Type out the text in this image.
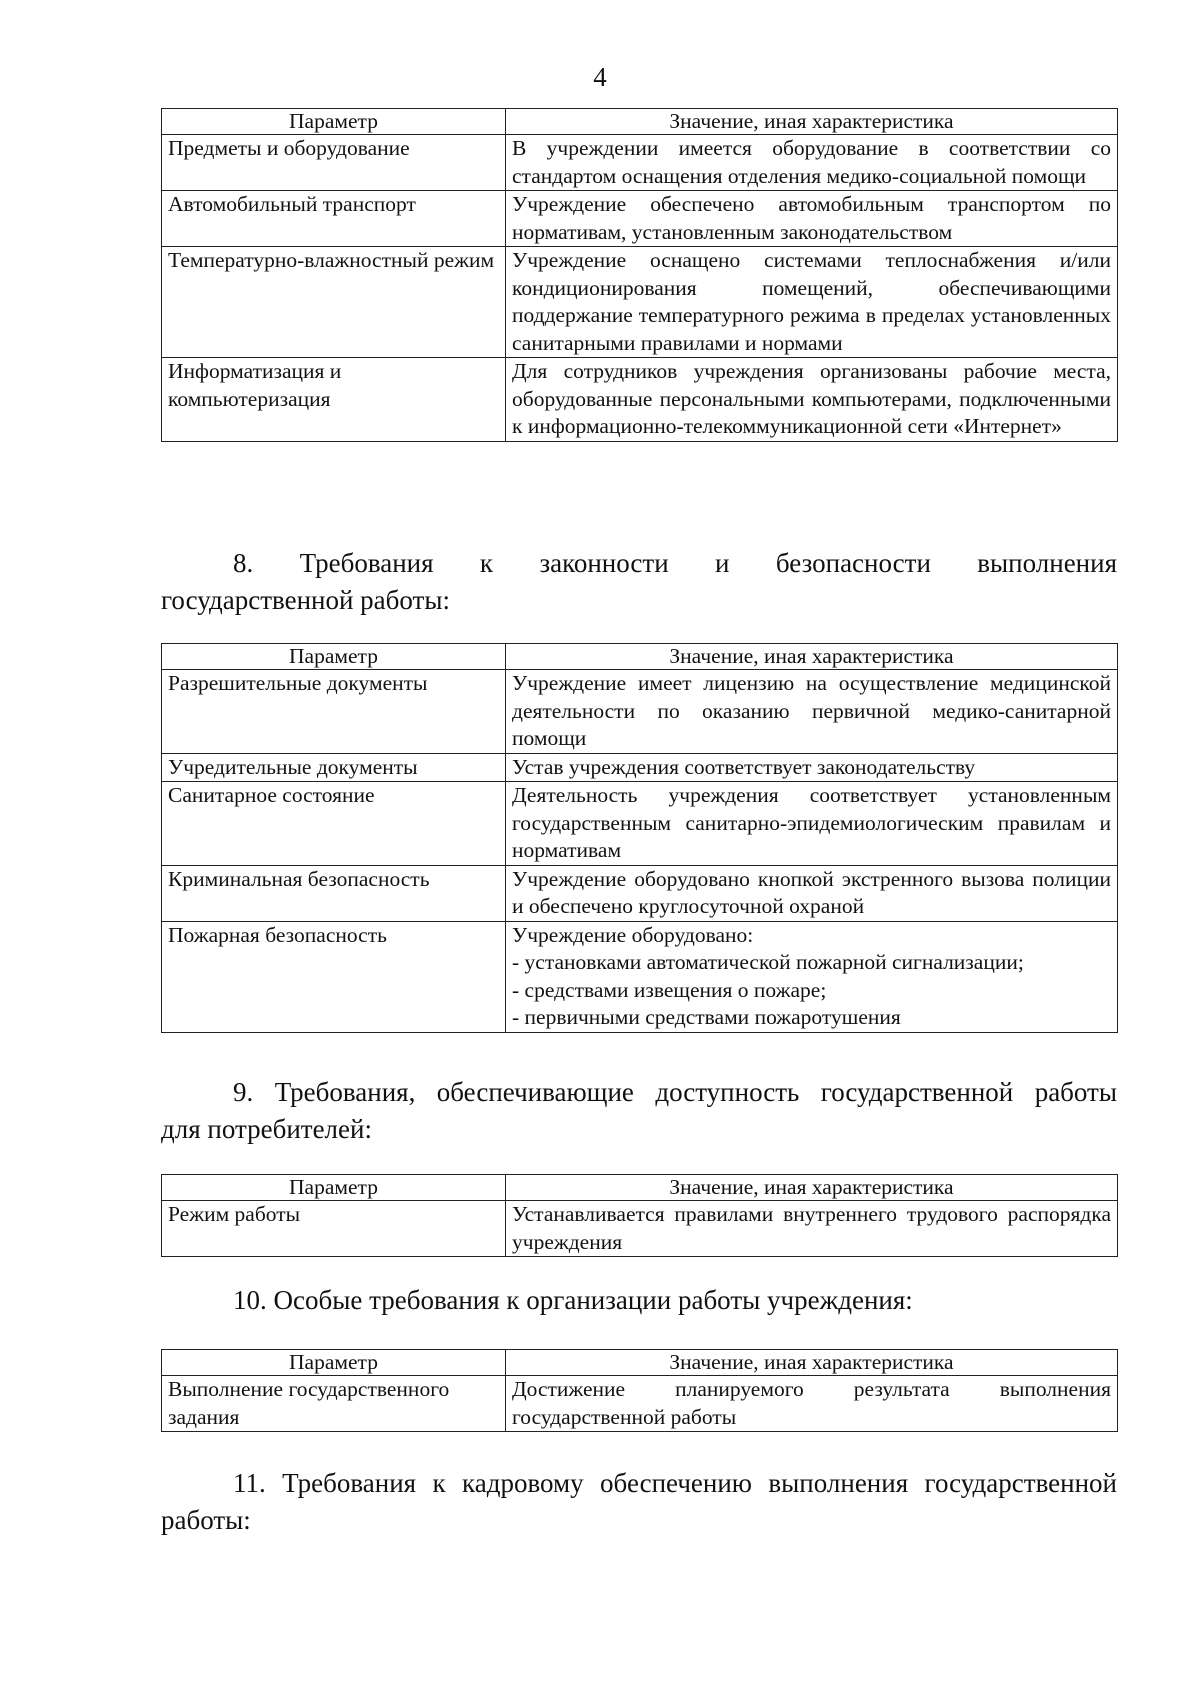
4
Параметр	Значение, иная характеристика
Предметы и оборудование	В учреждении имеется оборудование в соответствии со стандартом оснащения отделения медико-социальной помощи
Автомобильный транспорт	Учреждение обеспечено автомобильным транспортом по нормативам, установленным законодательством
Температурно-влажностный режим	Учреждение оснащено системами теплоснабжения и/или кондиционирования помещений, обеспечивающими поддержание температурного режима в пределах установленных санитарными правилами и нормами
Информатизация и компьютеризация	Для сотрудников учреждения организованы рабочие места, оборудованные персональными компьютерами, подключенными к информационно-телекоммуникационной сети «Интернет»
8. Требования к законности и безопасности выполнения
государственной работы:
Параметр	Значение, иная характеристика
Разрешительные документы	Учреждение имеет лицензию на осуществление медицинской деятельности по оказанию первичной медико-санитарной помощи
Учредительные документы	Устав учреждения соответствует законодательству
Санитарное состояние	Деятельность учреждения соответствует установленным государственным санитарно-эпидемиологическим правилам и нормативам
Криминальная безопасность	Учреждение оборудовано кнопкой экстренного вызова полиции и обеспечено круглосуточной охраной
Пожарная безопасность	Учреждение оборудовано:
- установками автоматической пожарной сигнализации;
- средствами извещения о пожаре;
- первичными средствами пожаротушения
9. Требования, обеспечивающие доступность государственной работы
для потребителей:
Параметр	Значение, иная характеристика
Режим работы	Устанавливается правилами внутреннего трудового распорядка учреждения
10. Особые требования к организации работы учреждения:
Параметр	Значение, иная характеристика
Выполнение государственного задания	Достижение планируемого результата выполнения государственной работы
11. Требования к кадровому обеспечению выполнения государственной
работы:
